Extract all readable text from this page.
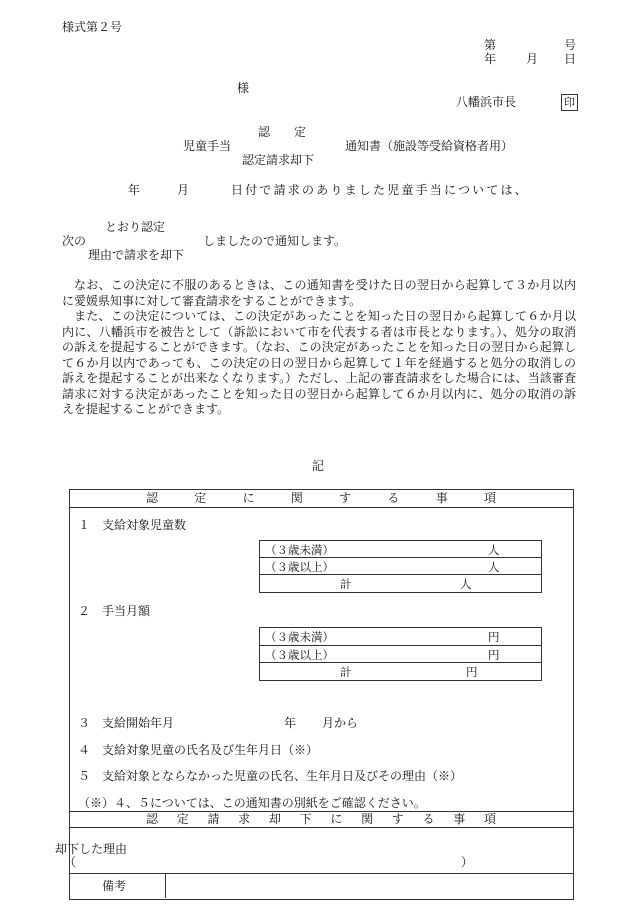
様式第２号
第	号
年 月 日
様
八幡浜市長	印
認　定
児童手当	通知書（施設等受給資格者用）
認定請求却下
年	月	日付で請求のありました児童手当については、
とおり認定
次の	しましたので通知します。
理由で請求を却下

なお、この決定に不服のあるときは、この通知書を受けた日の翌日から起算して３か月以内に愛媛県知事に対して審査請求をすることができます。

また、この決定については、この決定があったことを知った日の翌日から起算して６か月以内に、八幡浜市を被告として（訴訟において市を代表する者は市長となります。）、処分の取消の訴えを提起することができます。（なお、この決定があったことを知った日の翌日から起算して６か月以内であっても、この決定の日の翌日から起算して１年を経過すると処分の取消しの訴えを提起することが出来なくなります。）ただし、上記の審査請求をした場合には、当該審査請求に対する決定があったことを知った日の翌日から起算して６か月以内に、処分の取消の訴えを提起することができます。

記
認定に関する事項
１　支給対象児童数
（３歳未満）	人
（３歳以上）	人
計	人
２　手当月額
（３歳未満）	円
（３歳以上）	円
計	円
３　支給開始年月	年 月から
４　支給対象児童の氏名及び生年月日（※）
５　支給対象とならなかった児童の氏名、生年月日及びその理由（※）
（※）４、５については、この通知書の別紙をご確認ください。
認定請求却下に関する事項
却下した理由
（	）
備考
